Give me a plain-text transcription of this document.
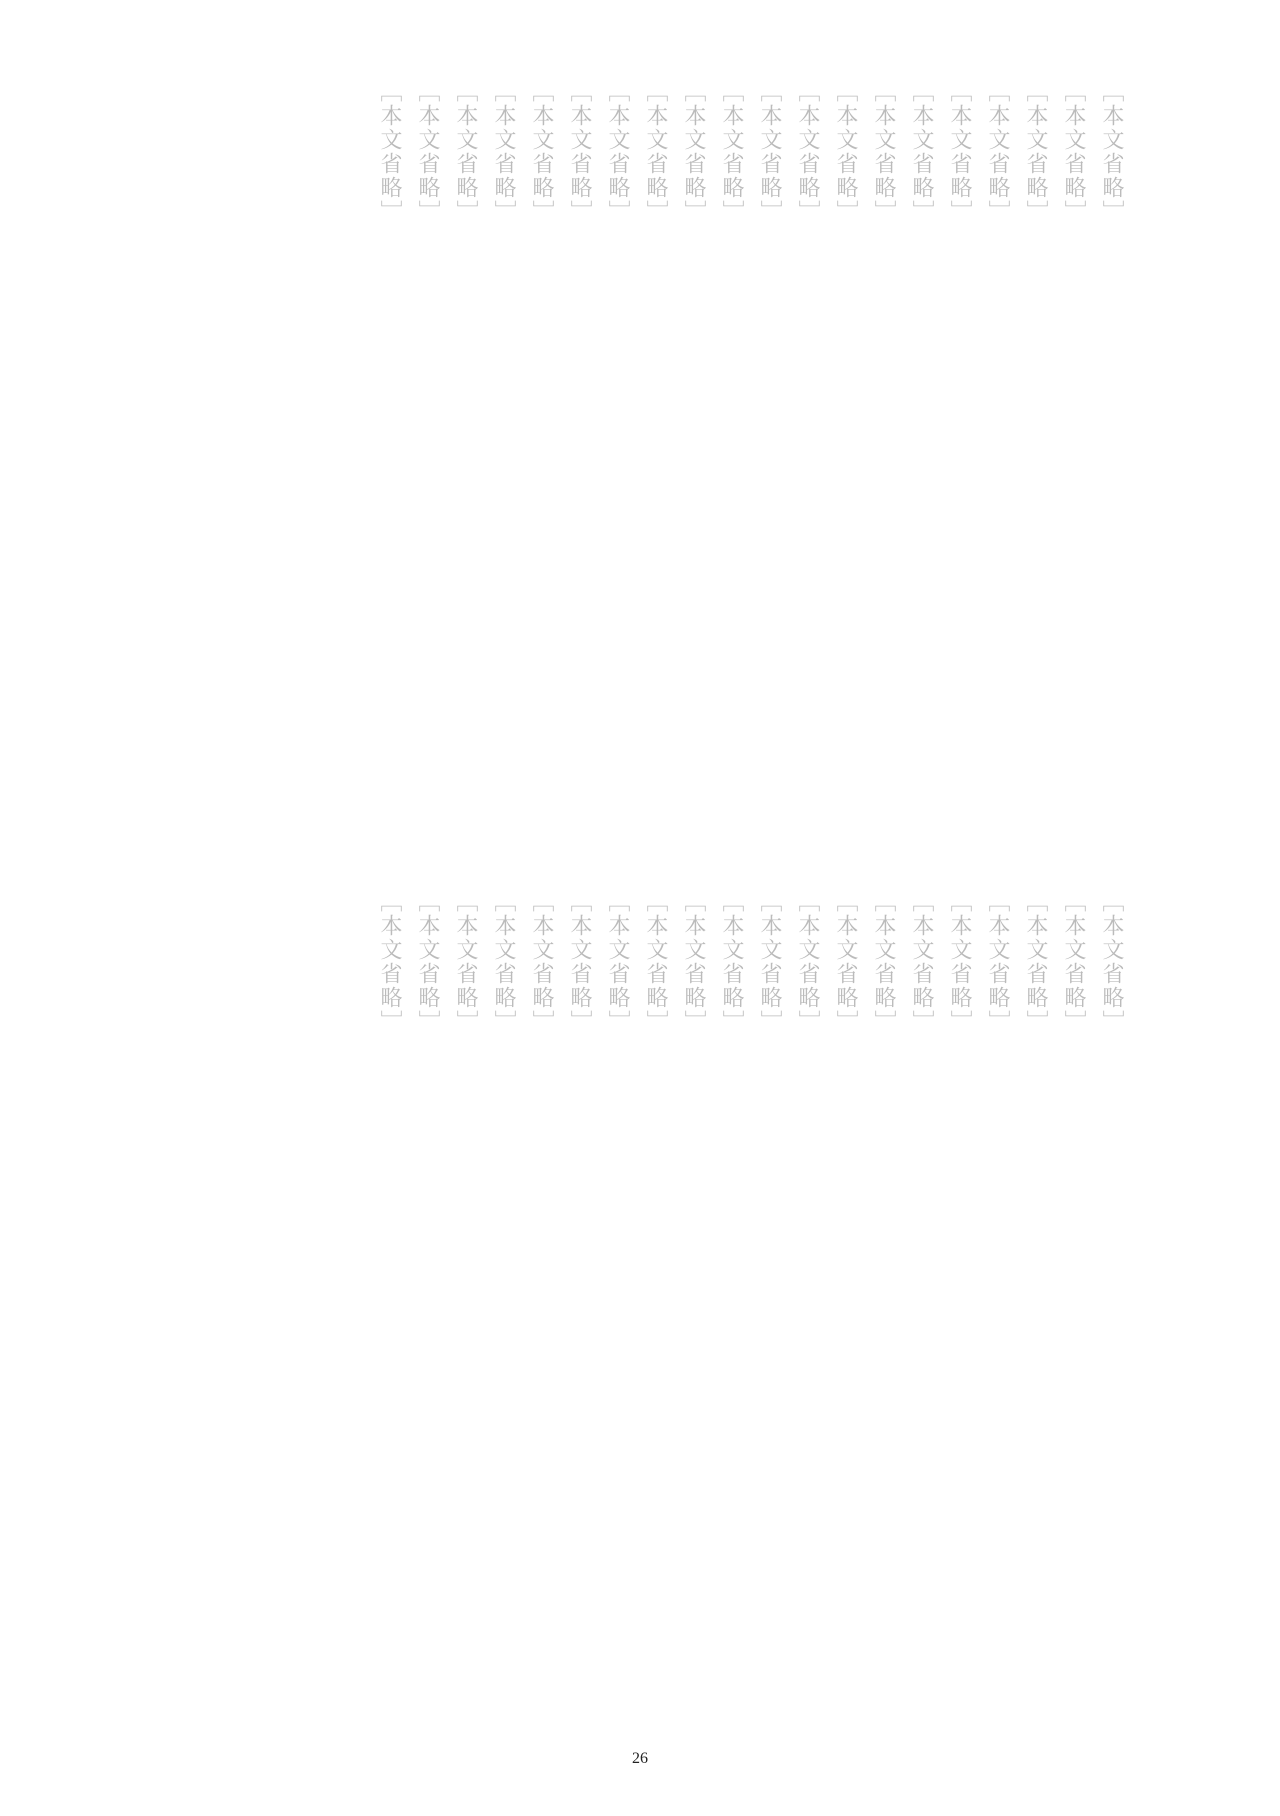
［本文省略］
［本文省略］
［本文省略］
［本文省略］
［本文省略］
［本文省略］
［本文省略］
［本文省略］
［本文省略］
［本文省略］
［本文省略］
［本文省略］
［本文省略］
［本文省略］
［本文省略］
［本文省略］
［本文省略］
［本文省略］
［本文省略］
［本文省略］
［本文省略］
［本文省略］
［本文省略］
［本文省略］
［本文省略］
［本文省略］
［本文省略］
［本文省略］
［本文省略］
［本文省略］
［本文省略］
［本文省略］
［本文省略］
［本文省略］
［本文省略］
［本文省略］
［本文省略］
［本文省略］
［本文省略］
［本文省略］
26
